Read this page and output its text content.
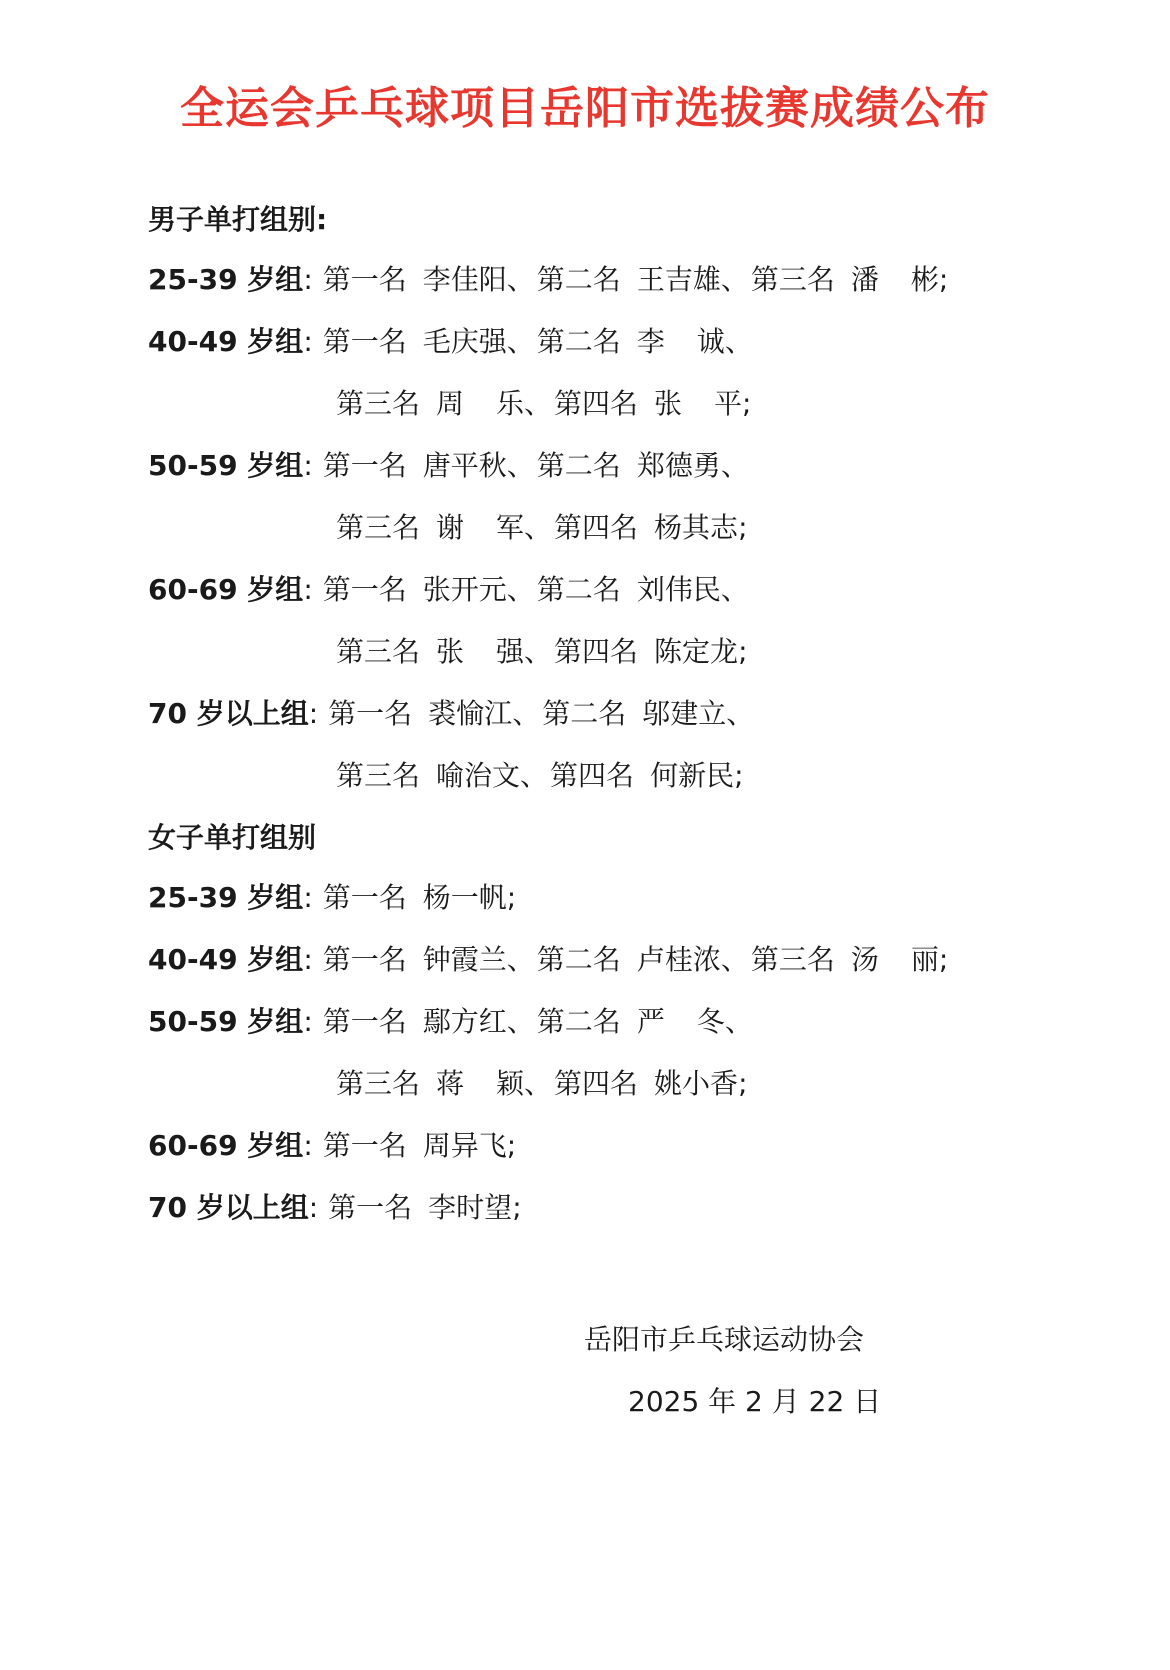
全运会乒乓球项目岳阳市选拔赛成绩公布
男子单打组别:
25-39 岁组: 第一名 李佳阳、第二名 王吉雄、第三名 潘彬;
40-49 岁组: 第一名 毛庆强、第二名 李诚、
第三名 周乐、第四名 张平;
50-59 岁组: 第一名 唐平秋、第二名 郑德勇、
第三名 谢军、第四名 杨其志;
60-69 岁组: 第一名 张开元、第二名 刘伟民、
第三名 张强、第四名 陈定龙;
70 岁以上组: 第一名 裘愉江、第二名 邬建立、
第三名 喻治文、第四名 何新民;
女子单打组别
25-39 岁组: 第一名 杨一帆;
40-49 岁组: 第一名 钟霞兰、第二名 卢桂浓、第三名 汤丽;
50-59 岁组: 第一名 鄢方红、第二名 严冬、
第三名 蒋颖、第四名 姚小香;
60-69 岁组: 第一名 周异飞;
70 岁以上组: 第一名 李时望;
岳阳市乒乓球运动协会
2025 年 2 月 22 日
